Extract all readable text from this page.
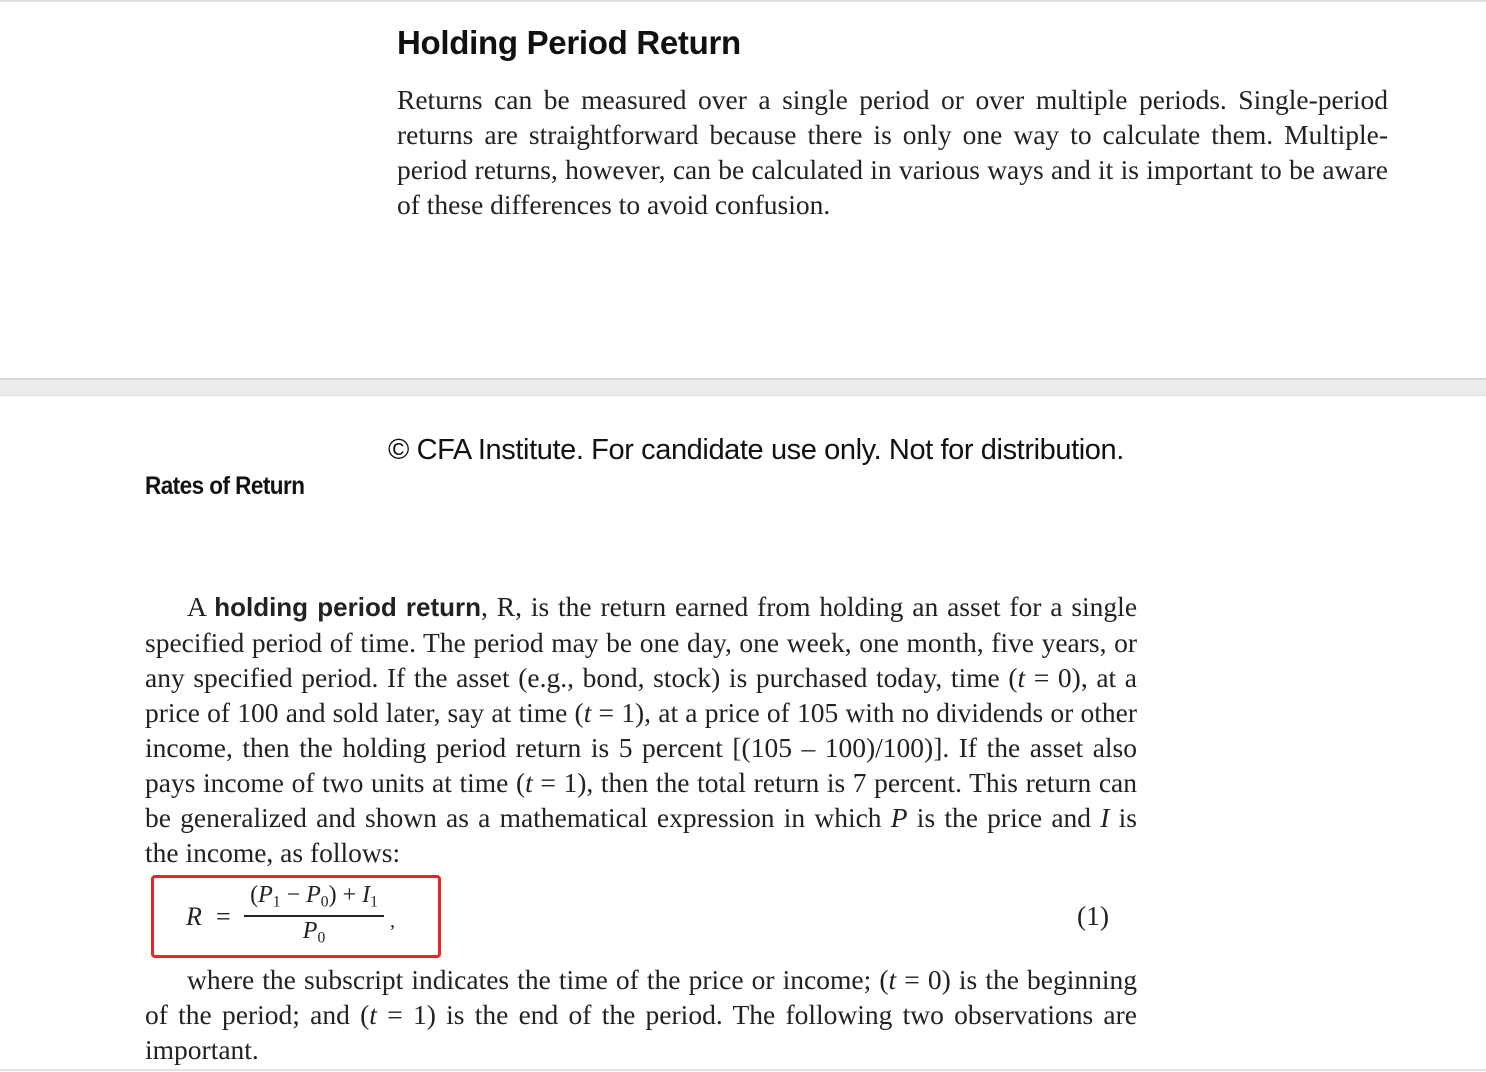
Holding Period Return

Returns can be measured over a single period or over multiple periods. Single-period returns are straightforward because there is only one way to calculate them. Multiple-period returns, however, can be calculated in various ways and it is important to be aware of these differences to avoid confusion.

© CFA Institute. For candidate use only. Not for distribution.
Rates of Return

A holding period return, R, is the return earned from holding an asset for a single specified period of time. The period may be one day, one week, one month, five years, or any specified period. If the asset (e.g., bond, stock) is purchased today, time (t = 0), at a price of 100 and sold later, say at time (t = 1), at a price of 105 with no dividends or other income, then the holding period return is 5 percent [(105 – 100)/100)]. If the asset also pays income of two units at time (t = 1), then the total return is 7 percent. This return can be generalized and shown as a mathematical expression in which P is the price and I is the income, as follows:

R =
$(P_1 - P_0) + I_1$
$P_0$
,	(1)

where the subscript indicates the time of the price or income; (t = 0) is the beginning of the period; and (t = 1) is the end of the period. The following two observations are important.
